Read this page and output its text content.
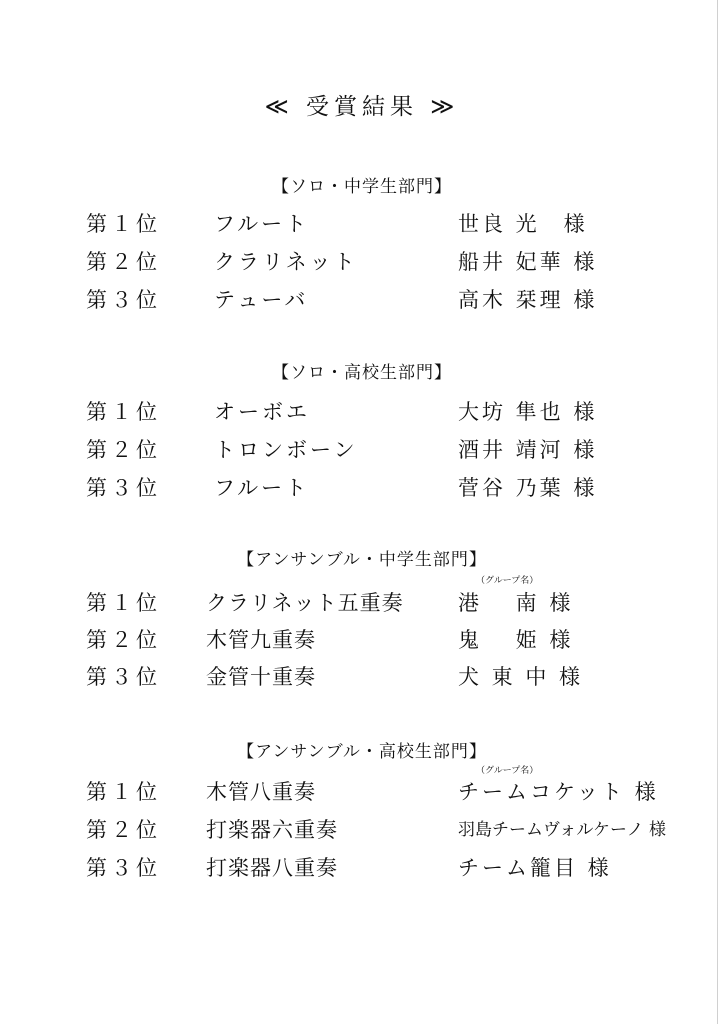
≪ 受賞結果 ≫
【ソロ・中学生部門】
第１位	フルート	世良 光　様
第２位	クラリネット	船井 妃華 様
第３位	テューバ	高木 栞理 様
【ソロ・高校生部門】
第１位	オーボエ	大坊 隼也 様
第２位	トロンボーン	酒井 靖河 様
第３位	フルート	菅谷 乃葉 様
【アンサンブル・中学生部門】
（グループ名）
第１位 クラリネット五重奏	港　 南 様
第２位 木管九重奏	鬼　 姫 様
第３位 金管十重奏	犬 東 中 様
【アンサンブル・高校生部門】
（グループ名）
第１位 木管八重奏	チームコケット 様
第２位 打楽器六重奏	羽島チームヴォルケーノ 様
第３位 打楽器八重奏	チーム籠目 様
